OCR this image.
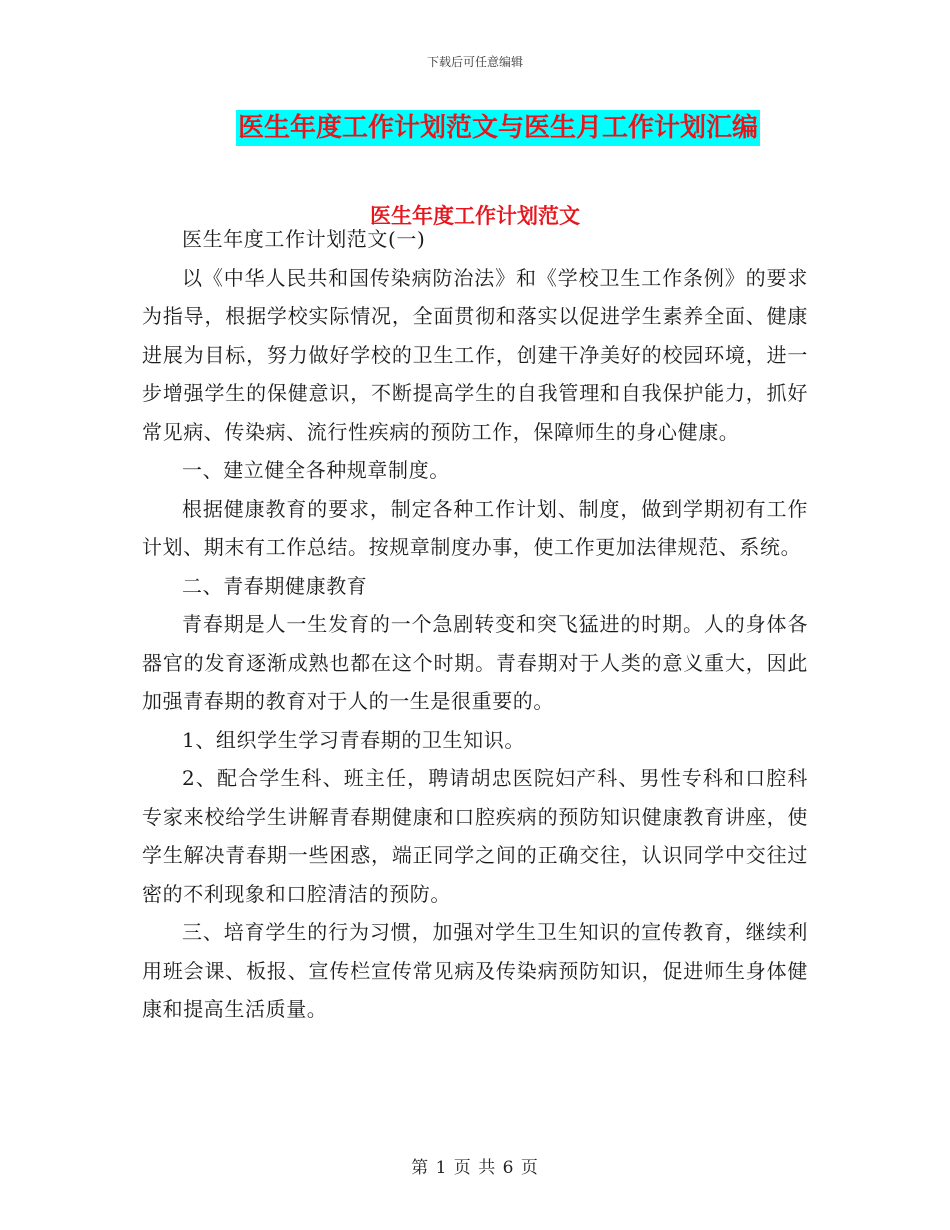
下载后可任意编辑
医生年度工作计划范文与医生月工作计划汇编
医生年度工作计划范文

医生年度工作计划范文(一)

以《中华人民共和国传染病防治法》和《学校卫生工作条例》的要求为指导，根据学校实际情况，全面贯彻和落实以促进学生素养全面、健康进展为目标，努力做好学校的卫生工作，创建干净美好的校园环境，进一步增强学生的保健意识，不断提高学生的自我管理和自我保护能力，抓好常见病、传染病、流行性疾病的预防工作，保障师生的身心健康。

一、建立健全各种规章制度。

根据健康教育的要求，制定各种工作计划、制度，做到学期初有工作计划、期末有工作总结。按规章制度办事，使工作更加法律规范、系统。

二、青春期健康教育

青春期是人一生发育的一个急剧转变和突飞猛进的时期。人的身体各器官的发育逐渐成熟也都在这个时期。青春期对于人类的意义重大，因此加强青春期的教育对于人的一生是很重要的。

1、组织学生学习青春期的卫生知识。

2、配合学生科、班主任，聘请胡忠医院妇产科、男性专科和口腔科专家来校给学生讲解青春期健康和口腔疾病的预防知识健康教育讲座，使学生解决青春期一些困惑，端正同学之间的正确交往，认识同学中交往过密的不利现象和口腔清洁的预防。

三、培育学生的行为习惯，加强对学生卫生知识的宣传教育，继续利用班会课、板报、宣传栏宣传常见病及传染病预防知识，促进师生身体健康和提高生活质量。

第 1 页 共 6 页
